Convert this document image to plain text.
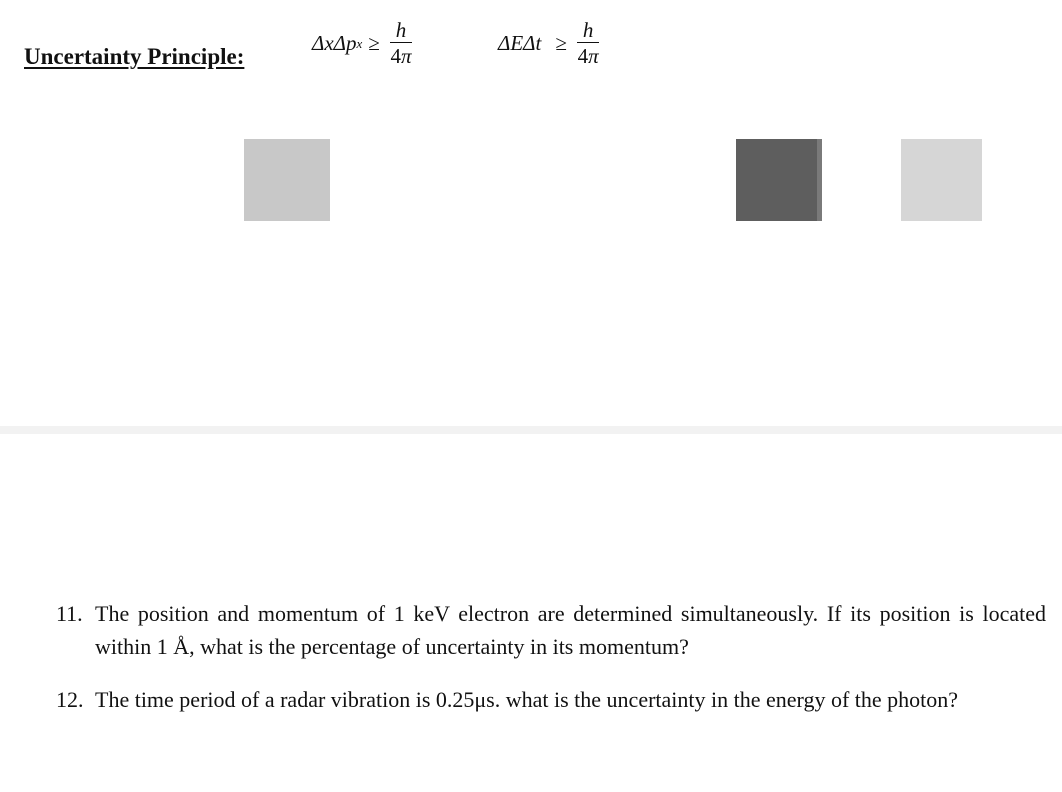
Uncertainty Principle:
ΔxΔp $x \ge \frac{h}{4\pi}$	$\Delta E\Delta t \ge \frac{h}{4\pi}$
11. The position and momentum of 1 keV electron are determined simultaneously. If its position is located within 1 Å, what is the percentage of uncertainty in its momentum?
12. The time period of a radar vibration is 0.25μs. what is the uncertainty in the energy of the photon?
